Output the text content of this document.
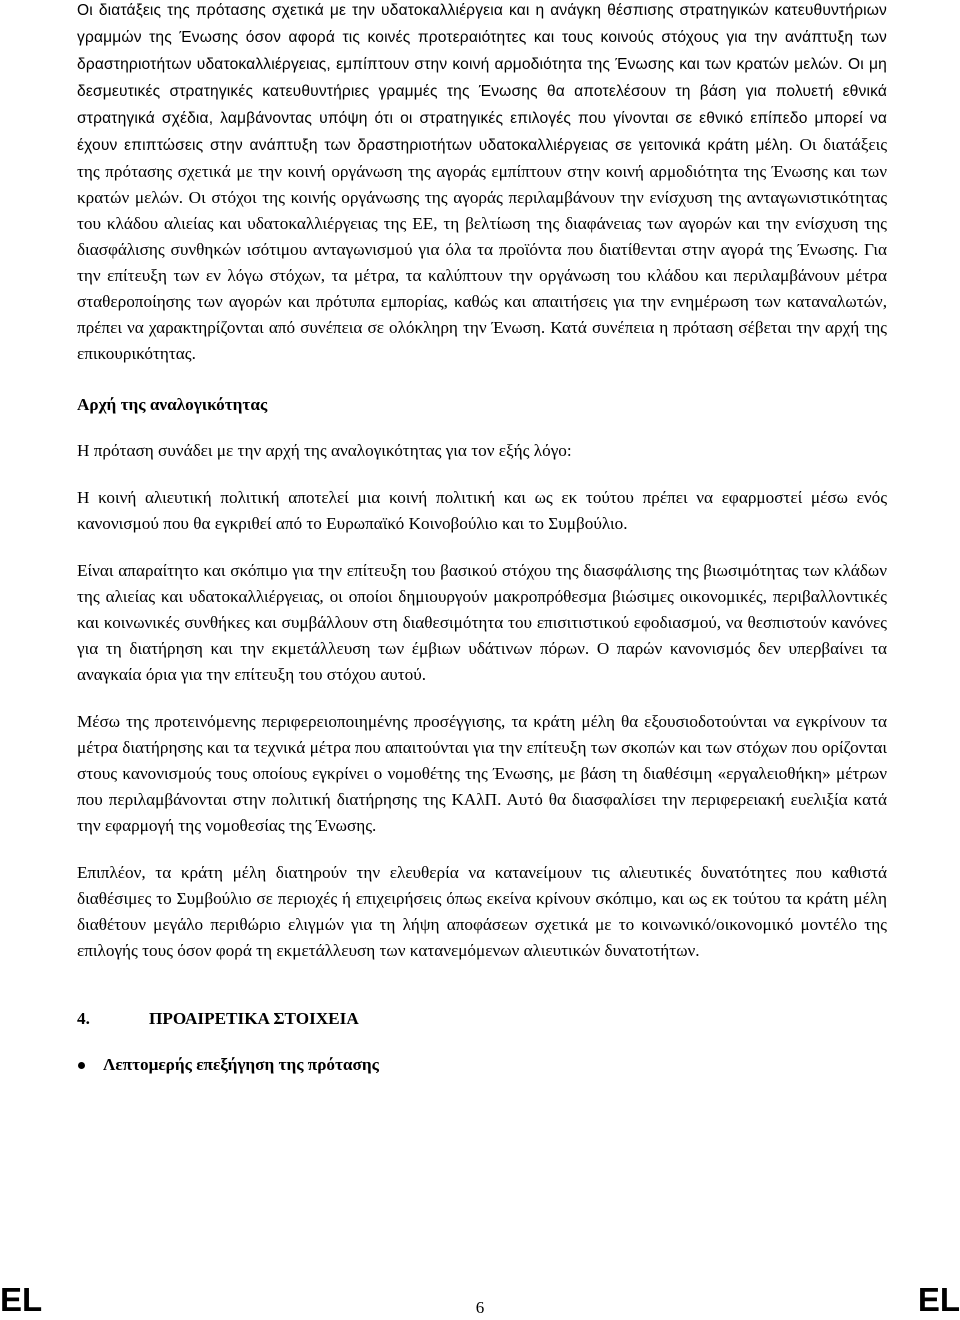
Οι διατάξεις της πρότασης σχετικά με την υδατοκαλλιέργεια και η ανάγκη θέσπισης στρατηγικών κατευθυντήριων γραμμών της Ένωσης όσον αφορά τις κοινές προτεραιότητες και τους κοινούς στόχους για την ανάπτυξη των δραστηριοτήτων υδατοκαλλιέργειας, εμπίπτουν στην κοινή αρμοδιότητα της Ένωσης και των κρατών μελών. Οι μη δεσμευτικές στρατηγικές κατευθυντήριες γραμμές της Ένωσης θα αποτελέσουν τη βάση για πολυετή εθνικά στρατηγικά σχέδια, λαμβάνοντας υπόψη ότι οι στρατηγικές επιλογές που γίνονται σε εθνικό επίπεδο μπορεί να έχουν επιπτώσεις στην ανάπτυξη των δραστηριοτήτων υδατοκαλλιέργειας σε γειτονικά κράτη μέλη. Οι διατάξεις της πρότασης σχετικά με την κοινή οργάνωση της αγοράς εμπίπτουν στην κοινή αρμοδιότητα της Ένωσης και των κρατών μελών. Οι στόχοι της κοινής οργάνωσης της αγοράς περιλαμβάνουν την ενίσχυση της ανταγωνιστικότητας του κλάδου αλιείας και υδατοκαλλιέργειας της ΕΕ, τη βελτίωση της διαφάνειας των αγορών και την ενίσχυση της διασφάλισης συνθηκών ισότιμου ανταγωνισμού για όλα τα προϊόντα που διατίθενται στην αγορά της Ένωσης. Για την επίτευξη των εν λόγω στόχων, τα μέτρα, τα καλύπτουν την οργάνωση του κλάδου και περιλαμβάνουν μέτρα σταθεροποίησης των αγορών και πρότυπα εμπορίας, καθώς και απαιτήσεις για την ενημέρωση των καταναλωτών, πρέπει να χαρακτηρίζονται από συνέπεια σε ολόκληρη την Ένωση. Κατά συνέπεια η πρόταση σέβεται την αρχή της επικουρικότητας.

Αρχή της αναλογικότητας

Η πρόταση συνάδει με την αρχή της αναλογικότητας για τον εξής λόγο:

Η κοινή αλιευτική πολιτική αποτελεί μια κοινή πολιτική και ως εκ τούτου πρέπει να εφαρμοστεί μέσω ενός κανονισμού που θα εγκριθεί από το Ευρωπαϊκό Κοινοβούλιο και το Συμβούλιο.

Είναι απαραίτητο και σκόπιμο για την επίτευξη του βασικού στόχου της διασφάλισης της βιωσιμότητας των κλάδων της αλιείας και υδατοκαλλιέργειας, οι οποίοι δημιουργούν μακροπρόθεσμα βιώσιμες οικονομικές, περιβαλλοντικές και κοινωνικές συνθήκες και συμβάλλουν στη διαθεσιμότητα του επισιτιστικού εφοδιασμού, να θεσπιστούν κανόνες για τη διατήρηση και την εκμετάλλευση των έμβιων υδάτινων πόρων. Ο παρών κανονισμός δεν υπερβαίνει τα αναγκαία όρια για την επίτευξη του στόχου αυτού.

Μέσω της προτεινόμενης περιφερειοποιημένης προσέγγισης, τα κράτη μέλη θα εξουσιοδοτούνται να εγκρίνουν τα μέτρα διατήρησης και τα τεχνικά μέτρα που απαιτούνται για την επίτευξη των σκοπών και των στόχων που ορίζονται στους κανονισμούς τους οποίους εγκρίνει ο νομοθέτης της Ένωσης, με βάση τη διαθέσιμη «εργαλειοθήκη» μέτρων που περιλαμβάνονται στην πολιτική διατήρησης της ΚΑλΠ. Αυτό θα διασφαλίσει την περιφερειακή ευελιξία κατά την εφαρμογή της νομοθεσίας της Ένωσης.

Επιπλέον, τα κράτη μέλη διατηρούν την ελευθερία να κατανείμουν τις αλιευτικές δυνατότητες που καθιστά διαθέσιμες το Συμβούλιο σε περιοχές ή επιχειρήσεις όπως εκείνα κρίνουν σκόπιμο, και ως εκ τούτου τα κράτη μέλη διαθέτουν μεγάλο περιθώριο ελιγμών για τη λήψη αποφάσεων σχετικά με το κοινωνικό/οικονομικό μοντέλο της επιλογής τους όσον φορά τη εκμετάλλευση των κατανεμόμενων αλιευτικών δυνατοτήτων.

4.	ΠΡΟΑΙΡΕΤΙΚΑ ΣΤΟΙΧΕΙΑ
Λεπτομερής επεξήγηση της πρότασης
EL	6	EL
